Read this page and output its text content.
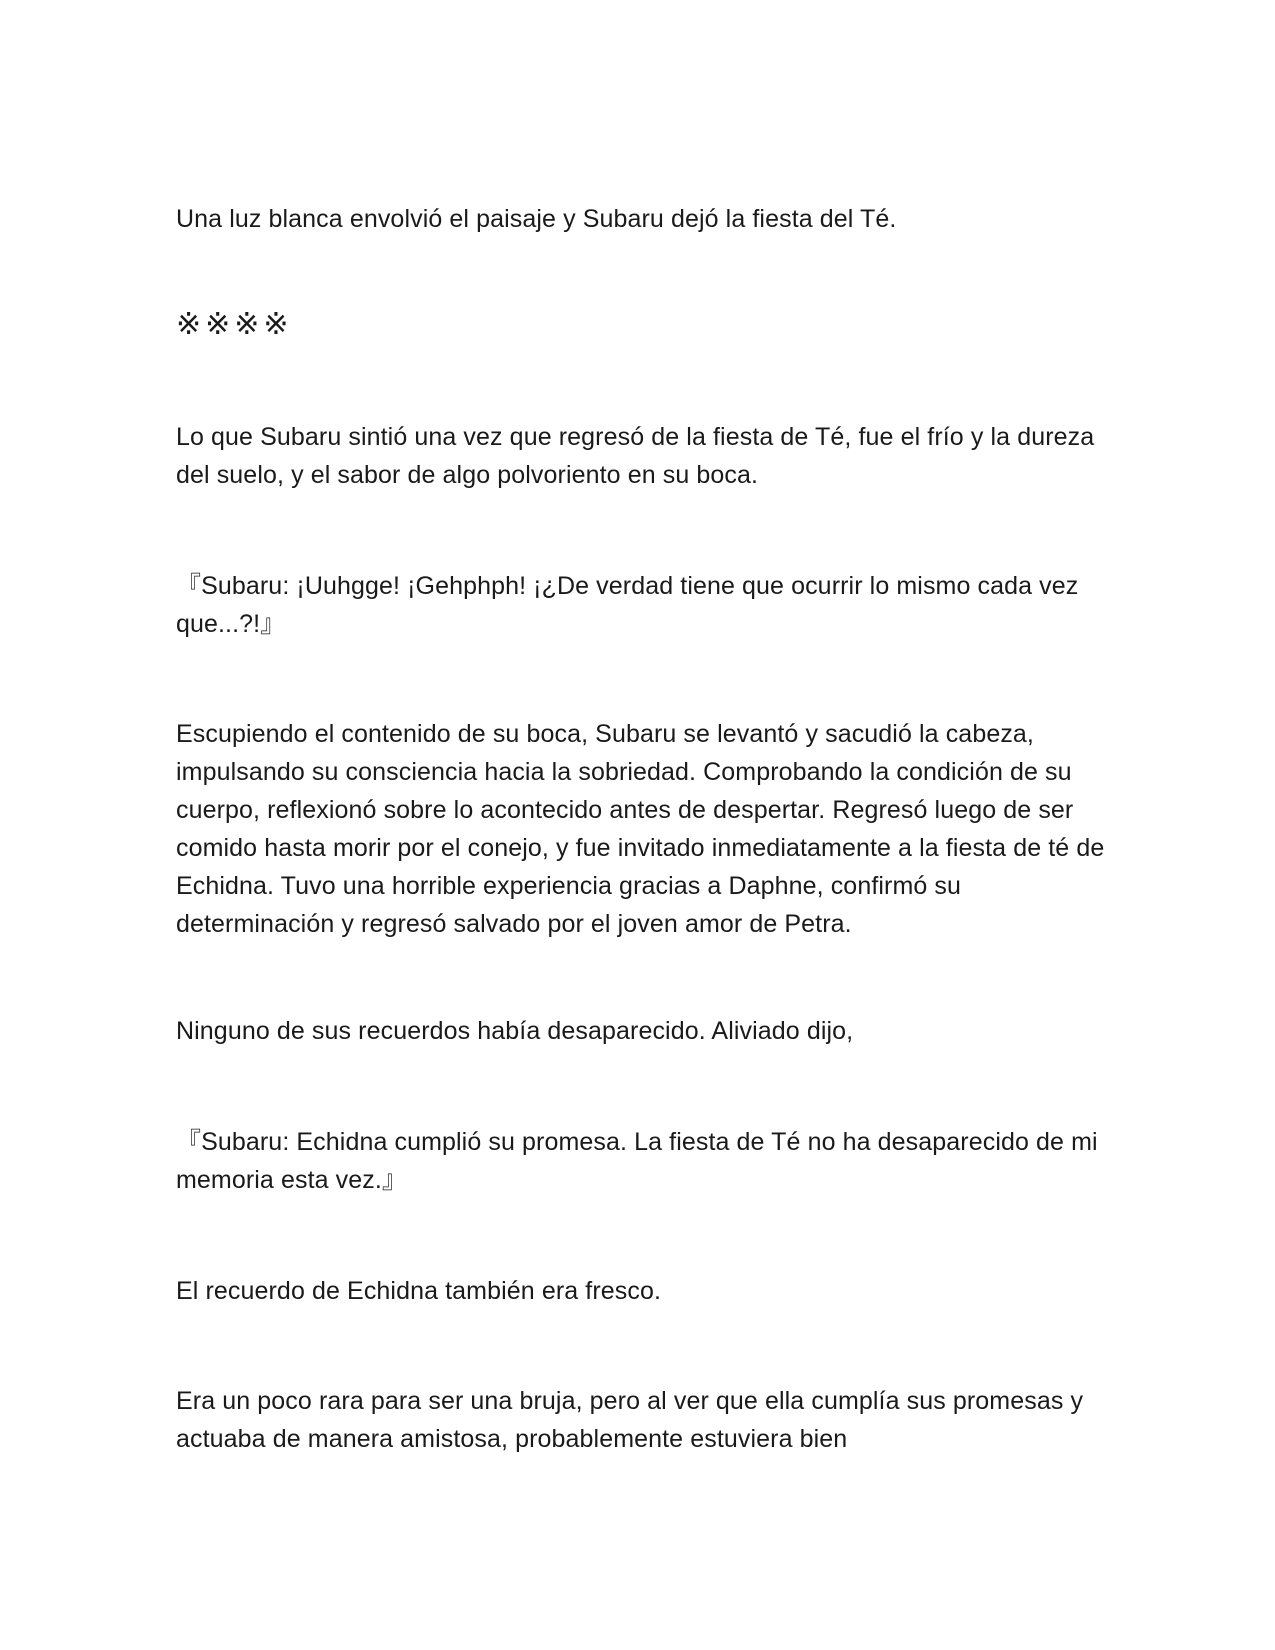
Una luz blanca envolvió el paisaje y Subaru dejó la fiesta del Té.

※※※※

Lo que Subaru sintió una vez que regresó de la fiesta de Té, fue el frío y la dureza del suelo, y el sabor de algo polvoriento en su boca.

『Subaru: ¡Uuhgge! ¡Gehphph! ¡¿De verdad tiene que ocurrir lo mismo cada vez que...?!』

Escupiendo el contenido de su boca, Subaru se levantó y sacudió la cabeza, impulsando su consciencia hacia la sobriedad. Comprobando la condición de su cuerpo, reflexionó sobre lo acontecido antes de despertar. Regresó luego de ser comido hasta morir por el conejo, y fue invitado inmediatamente a la fiesta de té de Echidna. Tuvo una horrible experiencia gracias a Daphne, confirmó su determinación y regresó salvado por el joven amor de Petra.

Ninguno de sus recuerdos había desaparecido. Aliviado dijo,

『Subaru: Echidna cumplió su promesa. La fiesta de Té no ha desaparecido de mi memoria esta vez.』

El recuerdo de Echidna también era fresco.

Era un poco rara para ser una bruja, pero al ver que ella cumplía sus promesas y actuaba de manera amistosa, probablemente estuviera bien
